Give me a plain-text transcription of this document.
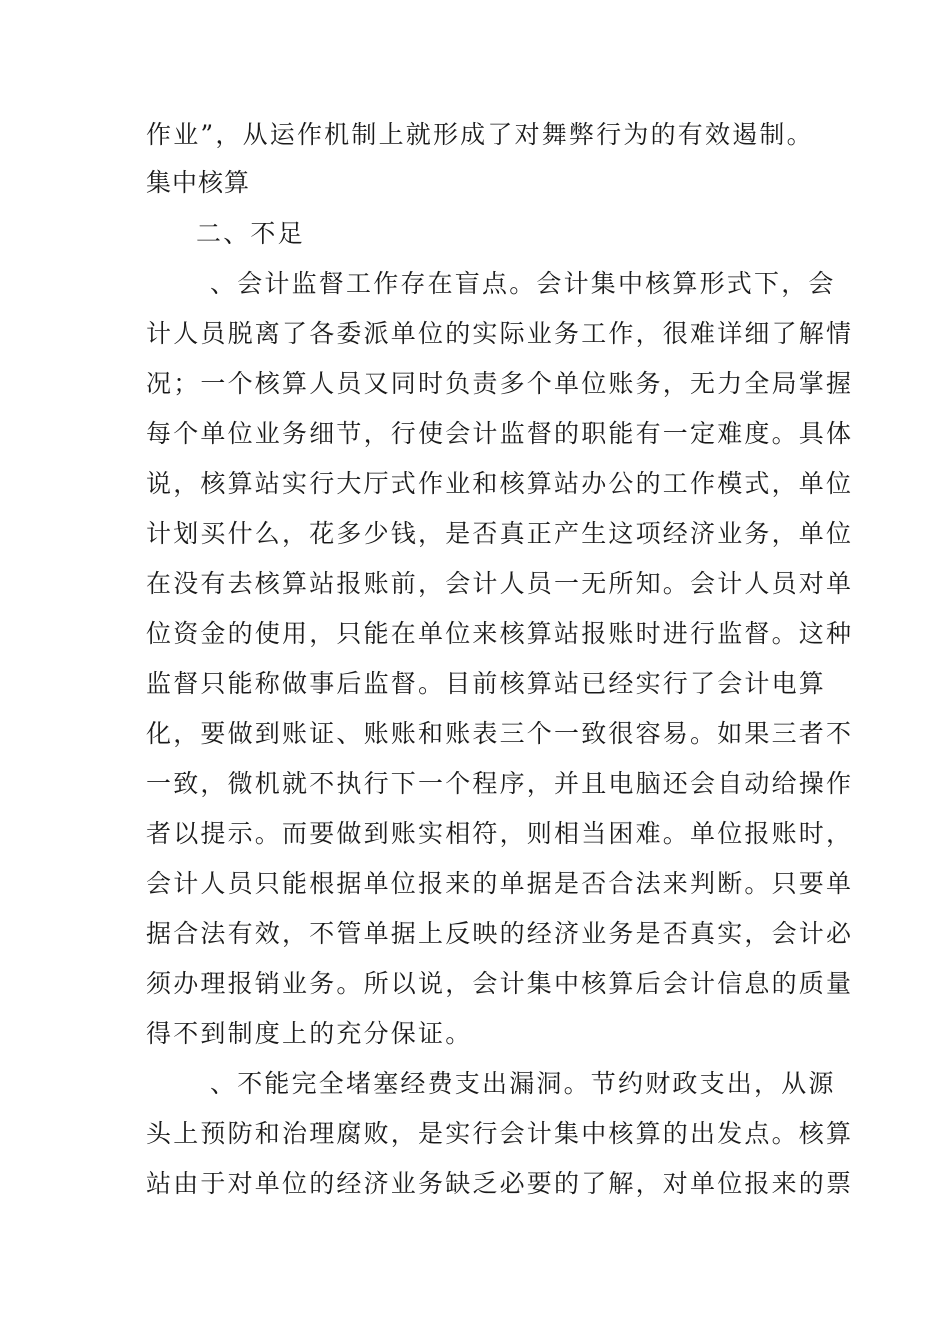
作业”，从运作机制上就形成了对舞弊行为的有效遏制。
集中核算
二、不足
、会计监督工作存在盲点。会计集中核算形式下，会
计人员脱离了各委派单位的实际业务工作，很难详细了解情
况；一个核算人员又同时负责多个单位账务，无力全局掌握
每个单位业务细节，行使会计监督的职能有一定难度。具体
说，核算站实行大厅式作业和核算站办公的工作模式，单位
计划买什么，花多少钱，是否真正产生这项经济业务，单位
在没有去核算站报账前，会计人员一无所知。会计人员对单
位资金的使用，只能在单位来核算站报账时进行监督。这种
监督只能称做事后监督。目前核算站已经实行了会计电算
化，要做到账证、账账和账表三个一致很容易。如果三者不
一致，微机就不执行下一个程序，并且电脑还会自动给操作
者以提示。而要做到账实相符，则相当困难。单位报账时，
会计人员只能根据单位报来的单据是否合法来判断。只要单
据合法有效，不管单据上反映的经济业务是否真实，会计必
须办理报销业务。所以说，会计集中核算后会计信息的质量
得不到制度上的充分保证。
、不能完全堵塞经费支出漏洞。节约财政支出，从源
头上预防和治理腐败，是实行会计集中核算的出发点。核算
站由于对单位的经济业务缺乏必要的了解，对单位报来的票
